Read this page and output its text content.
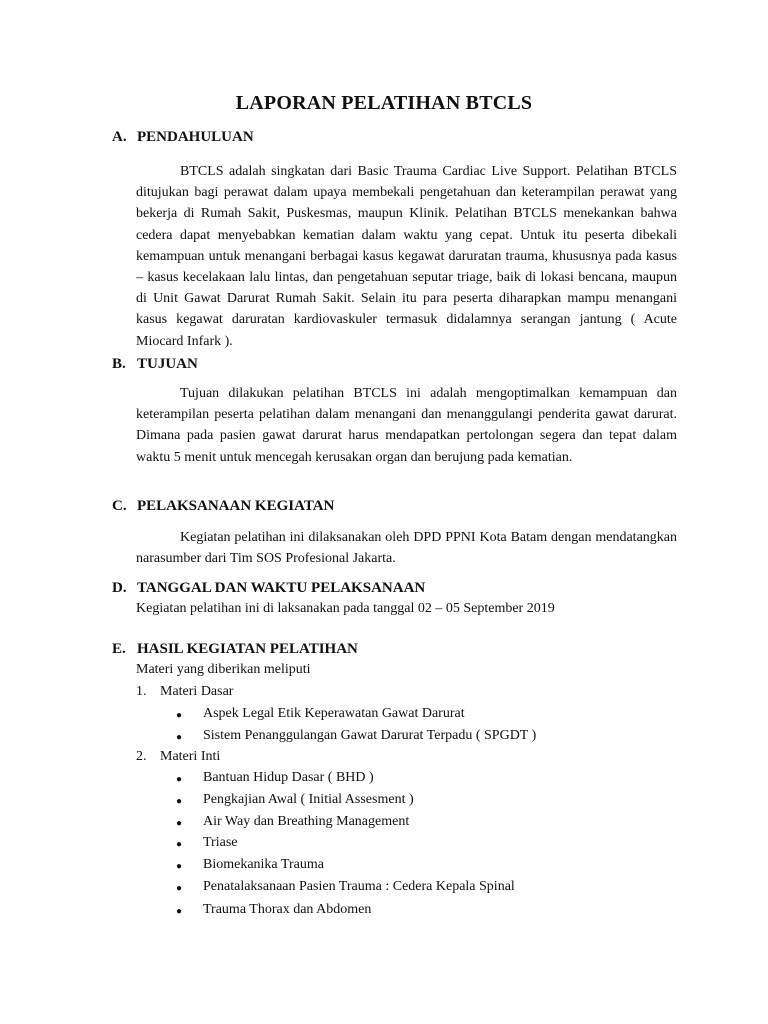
LAPORAN PELATIHAN BTCLS
A. PENDAHULUAN
BTCLS adalah singkatan dari Basic Trauma Cardiac Live Support. Pelatihan BTCLS ditujukan bagi perawat dalam upaya membekali pengetahuan dan keterampilan perawat yang bekerja di Rumah Sakit, Puskesmas, maupun Klinik. Pelatihan BTCLS menekankan bahwa cedera dapat menyebabkan kematian dalam waktu yang cepat. Untuk itu peserta dibekali kemampuan untuk menangani berbagai kasus kegawat daruratan trauma, khususnya pada kasus – kasus kecelakaan lalu lintas, dan pengetahuan seputar triage, baik di lokasi bencana, maupun di Unit Gawat Darurat Rumah Sakit. Selain itu para peserta diharapkan mampu menangani kasus kegawat daruratan kardiovaskuler termasuk didalamnya serangan jantung ( Acute Miocard Infark ).
B. TUJUAN
Tujuan dilakukan pelatihan BTCLS ini adalah mengoptimalkan kemampuan dan keterampilan peserta pelatihan dalam menangani dan menanggulangi penderita gawat darurat. Dimana pada pasien gawat darurat harus mendapatkan pertolongan segera dan tepat dalam waktu 5 menit untuk mencegah kerusakan organ dan berujung pada kematian.
C. PELAKSANAAN KEGIATAN
Kegiatan pelatihan ini dilaksanakan oleh DPD PPNI Kota Batam dengan mendatangkan narasumber dari Tim SOS Profesional Jakarta.
D. TANGGAL DAN WAKTU PELAKSANAAN
Kegiatan pelatihan ini di laksanakan pada tanggal 02 – 05 September 2019
E. HASIL KEGIATAN PELATIHAN
Materi yang diberikan meliputi
1. Materi Dasar
● Aspek Legal Etik Keperawatan Gawat Darurat
● Sistem Penanggulangan Gawat Darurat Terpadu ( SPGDT )
2. Materi Inti
● Bantuan Hidup Dasar ( BHD )
● Pengkajian Awal ( Initial Assesment )
● Air Way dan Breathing Management
● Triase
● Biomekanika Trauma
● Penatalaksanaan Pasien Trauma : Cedera Kepala Spinal
● Trauma Thorax dan Abdomen
